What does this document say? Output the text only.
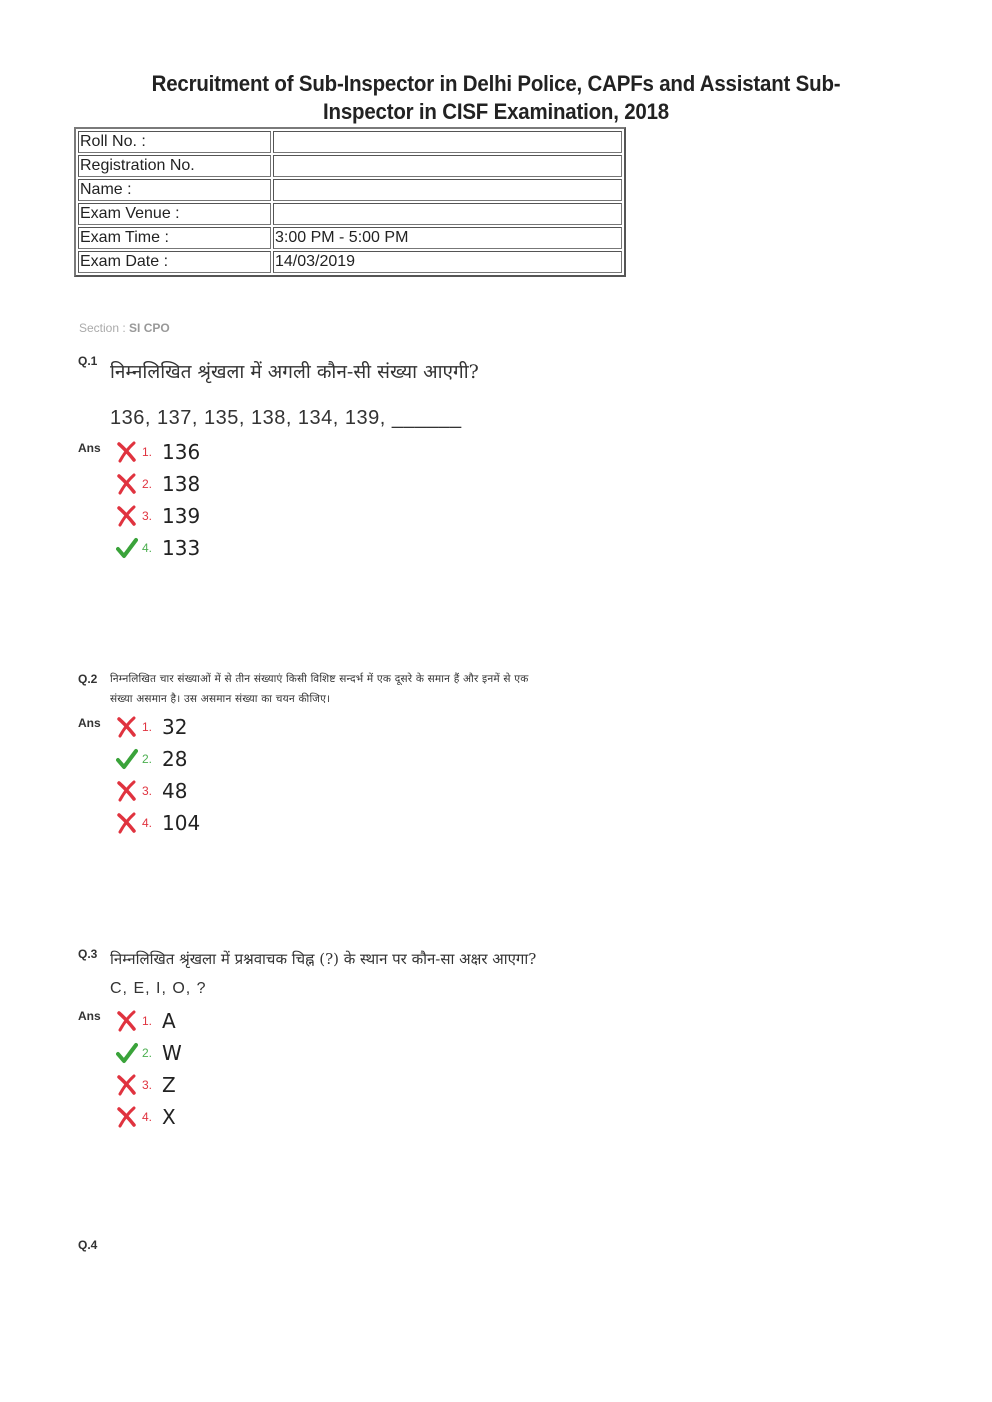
Recruitment of Sub-Inspector in Delhi Police, CAPFs and Assistant Sub-
Inspector in CISF Examination, 2018
Roll No. :	
Registration No.	
Name :	
Exam Venue :	
Exam Time :	3:00 PM - 5:00 PM
Exam Date :	14/03/2019
Section : SI CPO
Q.1 निम्नलिखित श्रृंखला में अगली कौन-सी संख्या आएगी?
136, 137, 135, 138, 134, 139, ______
Ans	1. 136
2. 138
3. 139
4. 133
Q.2 निम्नलिखित चार संख्याओं में से तीन संख्याएं किसी विशिष्ट सन्दर्भ में एक दूसरे के समान हैं और इनमें से एक
संख्या असमान है। उस असमान संख्या का चयन कीजिए।
Ans	1. 32
2. 28
3. 48
4. 104
Q.3 निम्नलिखित श्रृंखला में प्रश्नवाचक चिह्न (?) के स्थान पर कौन-सा अक्षर आएगा?
C, E, I, O, ?
Ans	1. A
2. W
3. Z
4. X
Q.4
